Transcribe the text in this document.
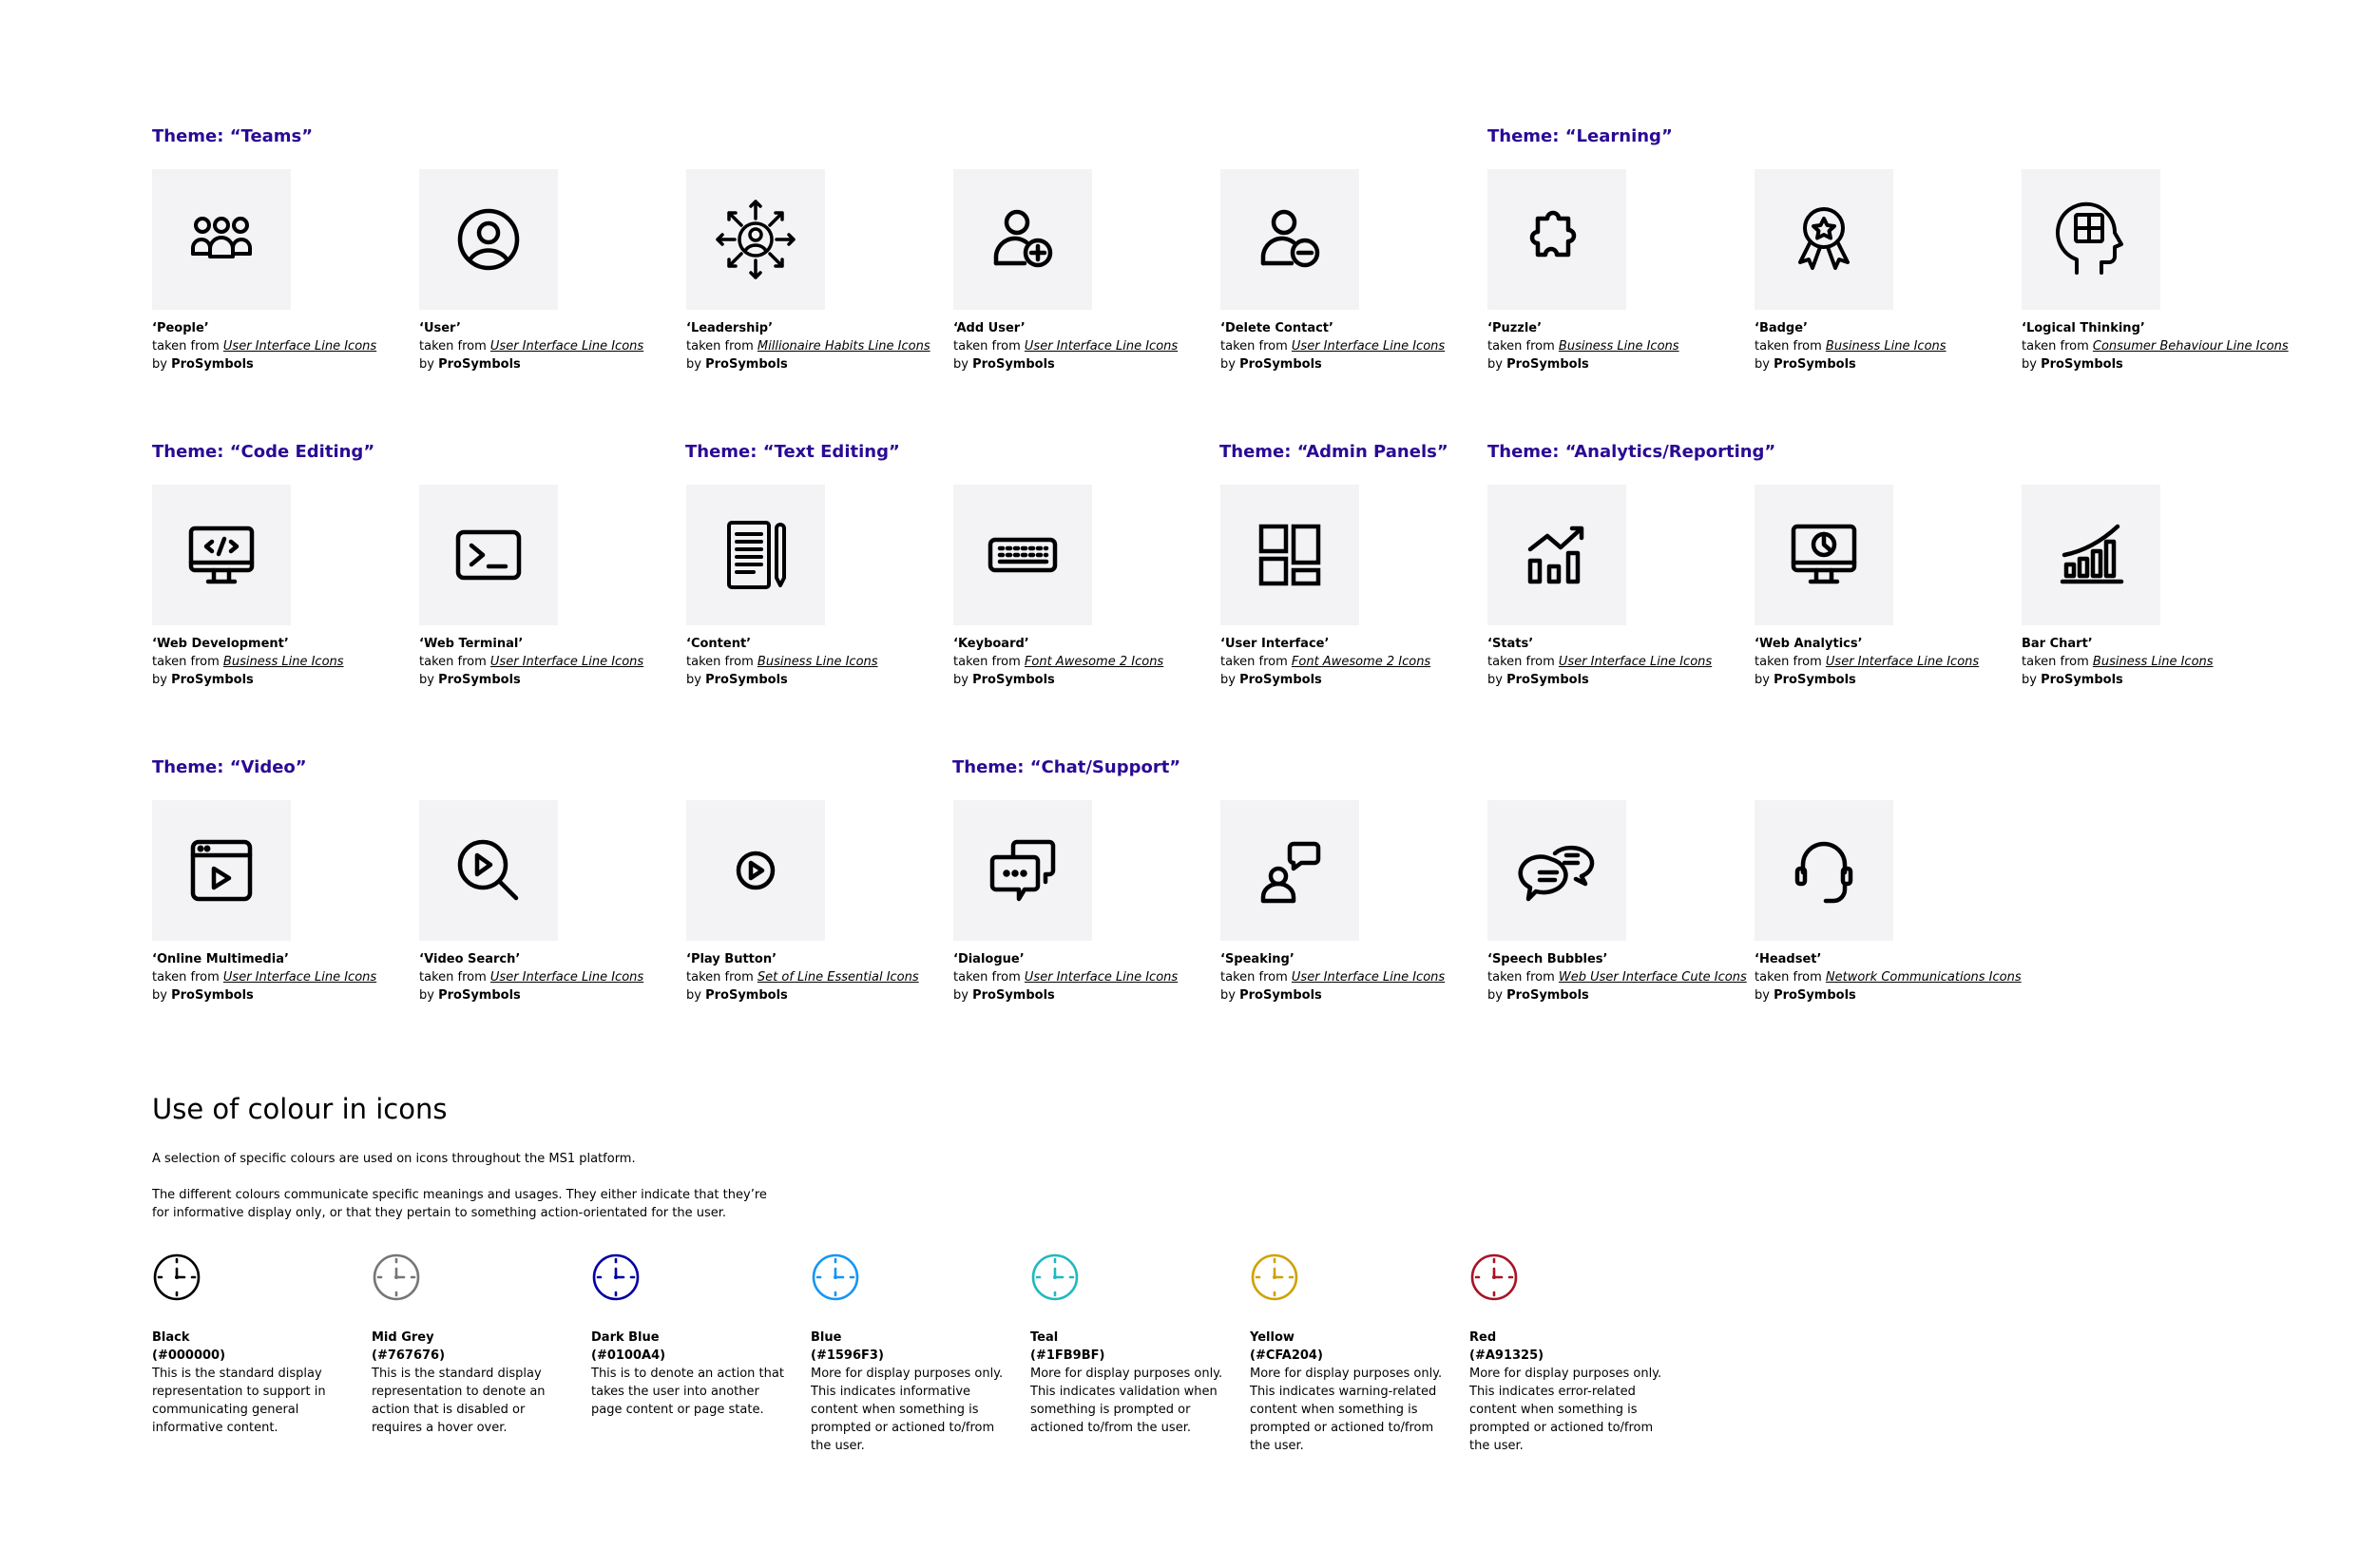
Theme: “Teams”	Theme: “Learning”
Theme: “Code Editing”	Theme: “Text Editing”	Theme: “Admin Panels” Theme: “Analytics/Reporting”
Theme: “Video”	Theme: “Chat/Support”
‘People’
taken from User Interface Line Icons
by ProSymbols
‘User’
taken from User Interface Line Icons
by ProSymbols
‘Leadership’
taken from Millionaire Habits Line Icons
by ProSymbols
‘Add User’
taken from User Interface Line Icons
by ProSymbols
‘Delete Contact’
taken from User Interface Line Icons
by ProSymbols
‘Puzzle’
taken from Business Line Icons
by ProSymbols
‘Badge’
taken from Business Line Icons
by ProSymbols
‘Logical Thinking’
taken from Consumer Behaviour Line Icons
by ProSymbols
‘Web Development’
taken from Business Line Icons
by ProSymbols
‘Web Terminal’
taken from User Interface Line Icons
by ProSymbols
‘Content’
taken from Business Line Icons
by ProSymbols
‘Keyboard’
taken from Font Awesome 2 Icons
by ProSymbols
‘User Interface’
taken from Font Awesome 2 Icons
by ProSymbols
‘Stats’
taken from User Interface Line Icons
by ProSymbols
‘Web Analytics’
taken from User Interface Line Icons
by ProSymbols
Bar Chart’
taken from Business Line Icons
by ProSymbols
‘Online Multimedia’
taken from User Interface Line Icons
by ProSymbols
‘Video Search’
taken from User Interface Line Icons
by ProSymbols
‘Play Button’
taken from Set of Line Essential Icons
by ProSymbols
‘Dialogue’
taken from User Interface Line Icons
by ProSymbols
‘Speaking’
taken from User Interface Line Icons
by ProSymbols
‘Speech Bubbles’
taken from Web User Interface Cute Icons
by ProSymbols
‘Headset’
taken from Network Communications Icons
by ProSymbols
Use of colour in icons
A selection of specific colours are used on icons throughout the MS1 platform.
The different colours communicate specific meanings and usages. They either indicate that they’re
for informative display only, or that they pertain to something action-orientated for the user.
Black
(#000000)
This is the standard display representation to support in communicating general informative content.
Mid Grey
(#767676)
This is the standard display representation to denote an action that is disabled or requires a hover over.
Dark Blue
(#0100A4)
This is to denote an action that takes the user into another page content or page state.
Blue
(#1596F3)
More for display purposes only. This indicates informative content when something is prompted or actioned to/from the user.
Teal
(#1FB9BF)
More for display purposes only. This indicates validation when something is prompted or actioned to/from the user.
Yellow
(#CFA204)
More for display purposes only. This indicates warning-related content when something is prompted or actioned to/from the user.
Red
(#A91325)
More for display purposes only. This indicates error-related content when something is prompted or actioned to/from the user.
